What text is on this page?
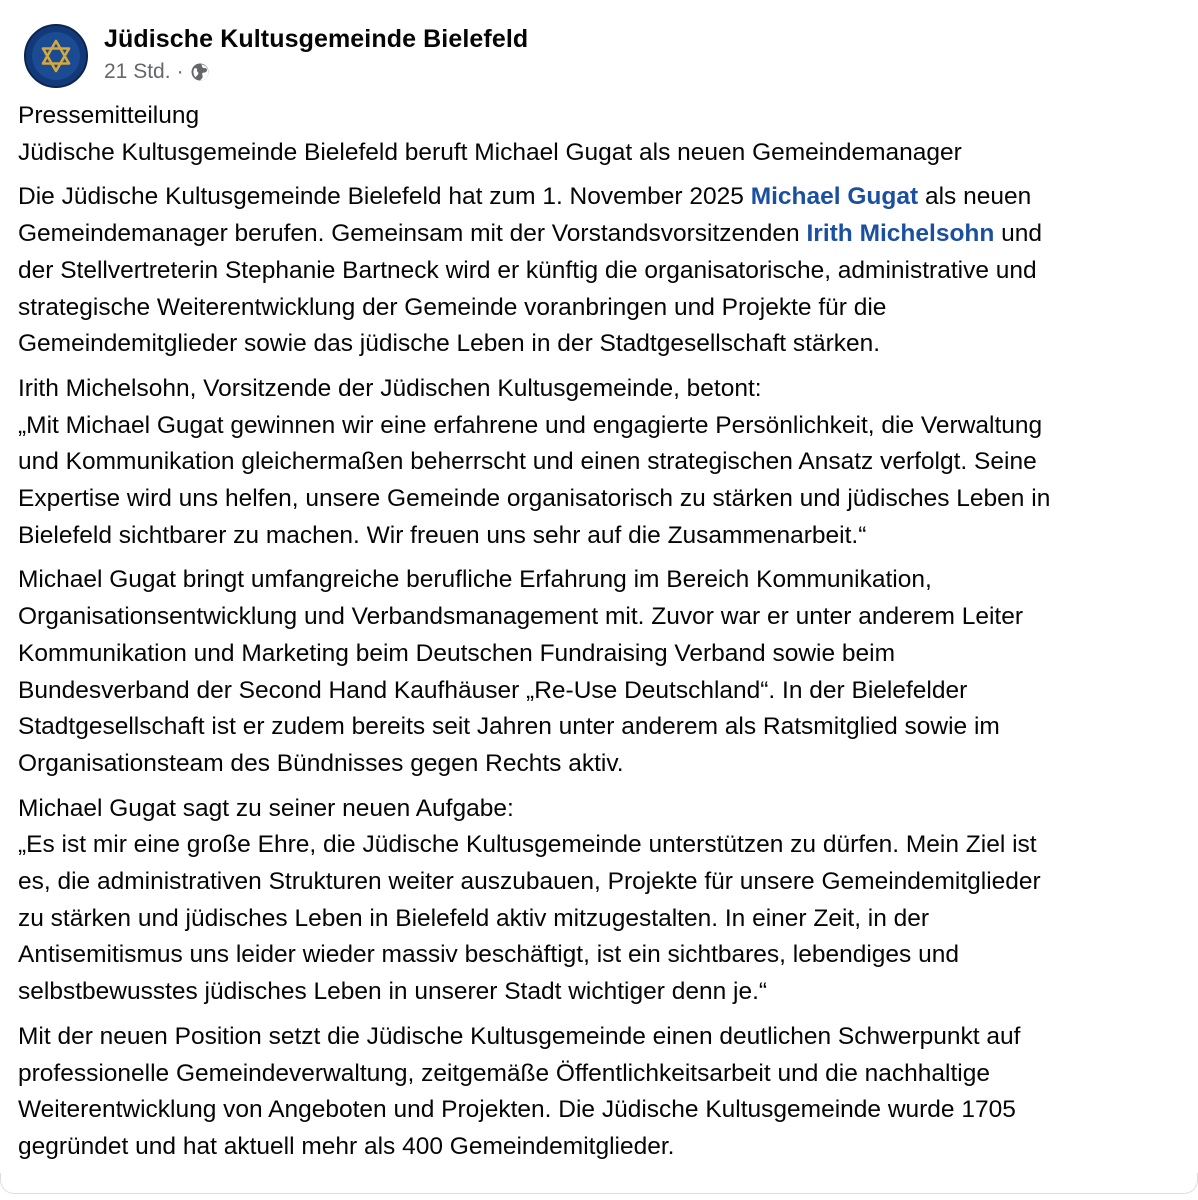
Jüdische Kultusgemeinde Bielefeld
21 Std. ·
Pressemitteilung
Jüdische Kultusgemeinde Bielefeld beruft Michael Gugat als neuen Gemeindemanager
Die Jüdische Kultusgemeinde Bielefeld hat zum 1. November 2025 Michael Gugat als neuen
Gemeindemanager berufen. Gemeinsam mit der Vorstandsvorsitzenden Irith Michelsohn und
der Stellvertreterin Stephanie Bartneck wird er künftig die organisatorische, administrative und
strategische Weiterentwicklung der Gemeinde voranbringen und Projekte für die
Gemeindemitglieder sowie das jüdische Leben in der Stadtgesellschaft stärken.
Irith Michelsohn, Vorsitzende der Jüdischen Kultusgemeinde, betont:
„Mit Michael Gugat gewinnen wir eine erfahrene und engagierte Persönlichkeit, die Verwaltung
und Kommunikation gleichermaßen beherrscht und einen strategischen Ansatz verfolgt. Seine
Expertise wird uns helfen, unsere Gemeinde organisatorisch zu stärken und jüdisches Leben in
Bielefeld sichtbarer zu machen. Wir freuen uns sehr auf die Zusammenarbeit.“
Michael Gugat bringt umfangreiche berufliche Erfahrung im Bereich Kommunikation,
Organisationsentwicklung und Verbandsmanagement mit. Zuvor war er unter anderem Leiter
Kommunikation und Marketing beim Deutschen Fundraising Verband sowie beim
Bundesverband der Second Hand Kaufhäuser „Re-Use Deutschland“. In der Bielefelder
Stadtgesellschaft ist er zudem bereits seit Jahren unter anderem als Ratsmitglied sowie im
Organisationsteam des Bündnisses gegen Rechts aktiv.
Michael Gugat sagt zu seiner neuen Aufgabe:
„Es ist mir eine große Ehre, die Jüdische Kultusgemeinde unterstützen zu dürfen. Mein Ziel ist
es, die administrativen Strukturen weiter auszubauen, Projekte für unsere Gemeindemitglieder
zu stärken und jüdisches Leben in Bielefeld aktiv mitzugestalten. In einer Zeit, in der
Antisemitismus uns leider wieder massiv beschäftigt, ist ein sichtbares, lebendiges und
selbstbewusstes jüdisches Leben in unserer Stadt wichtiger denn je.“
Mit der neuen Position setzt die Jüdische Kultusgemeinde einen deutlichen Schwerpunkt auf
professionelle Gemeindeverwaltung, zeitgemäße Öffentlichkeitsarbeit und die nachhaltige
Weiterentwicklung von Angeboten und Projekten. Die Jüdische Kultusgemeinde wurde 1705
gegründet und hat aktuell mehr als 400 Gemeindemitglieder.
